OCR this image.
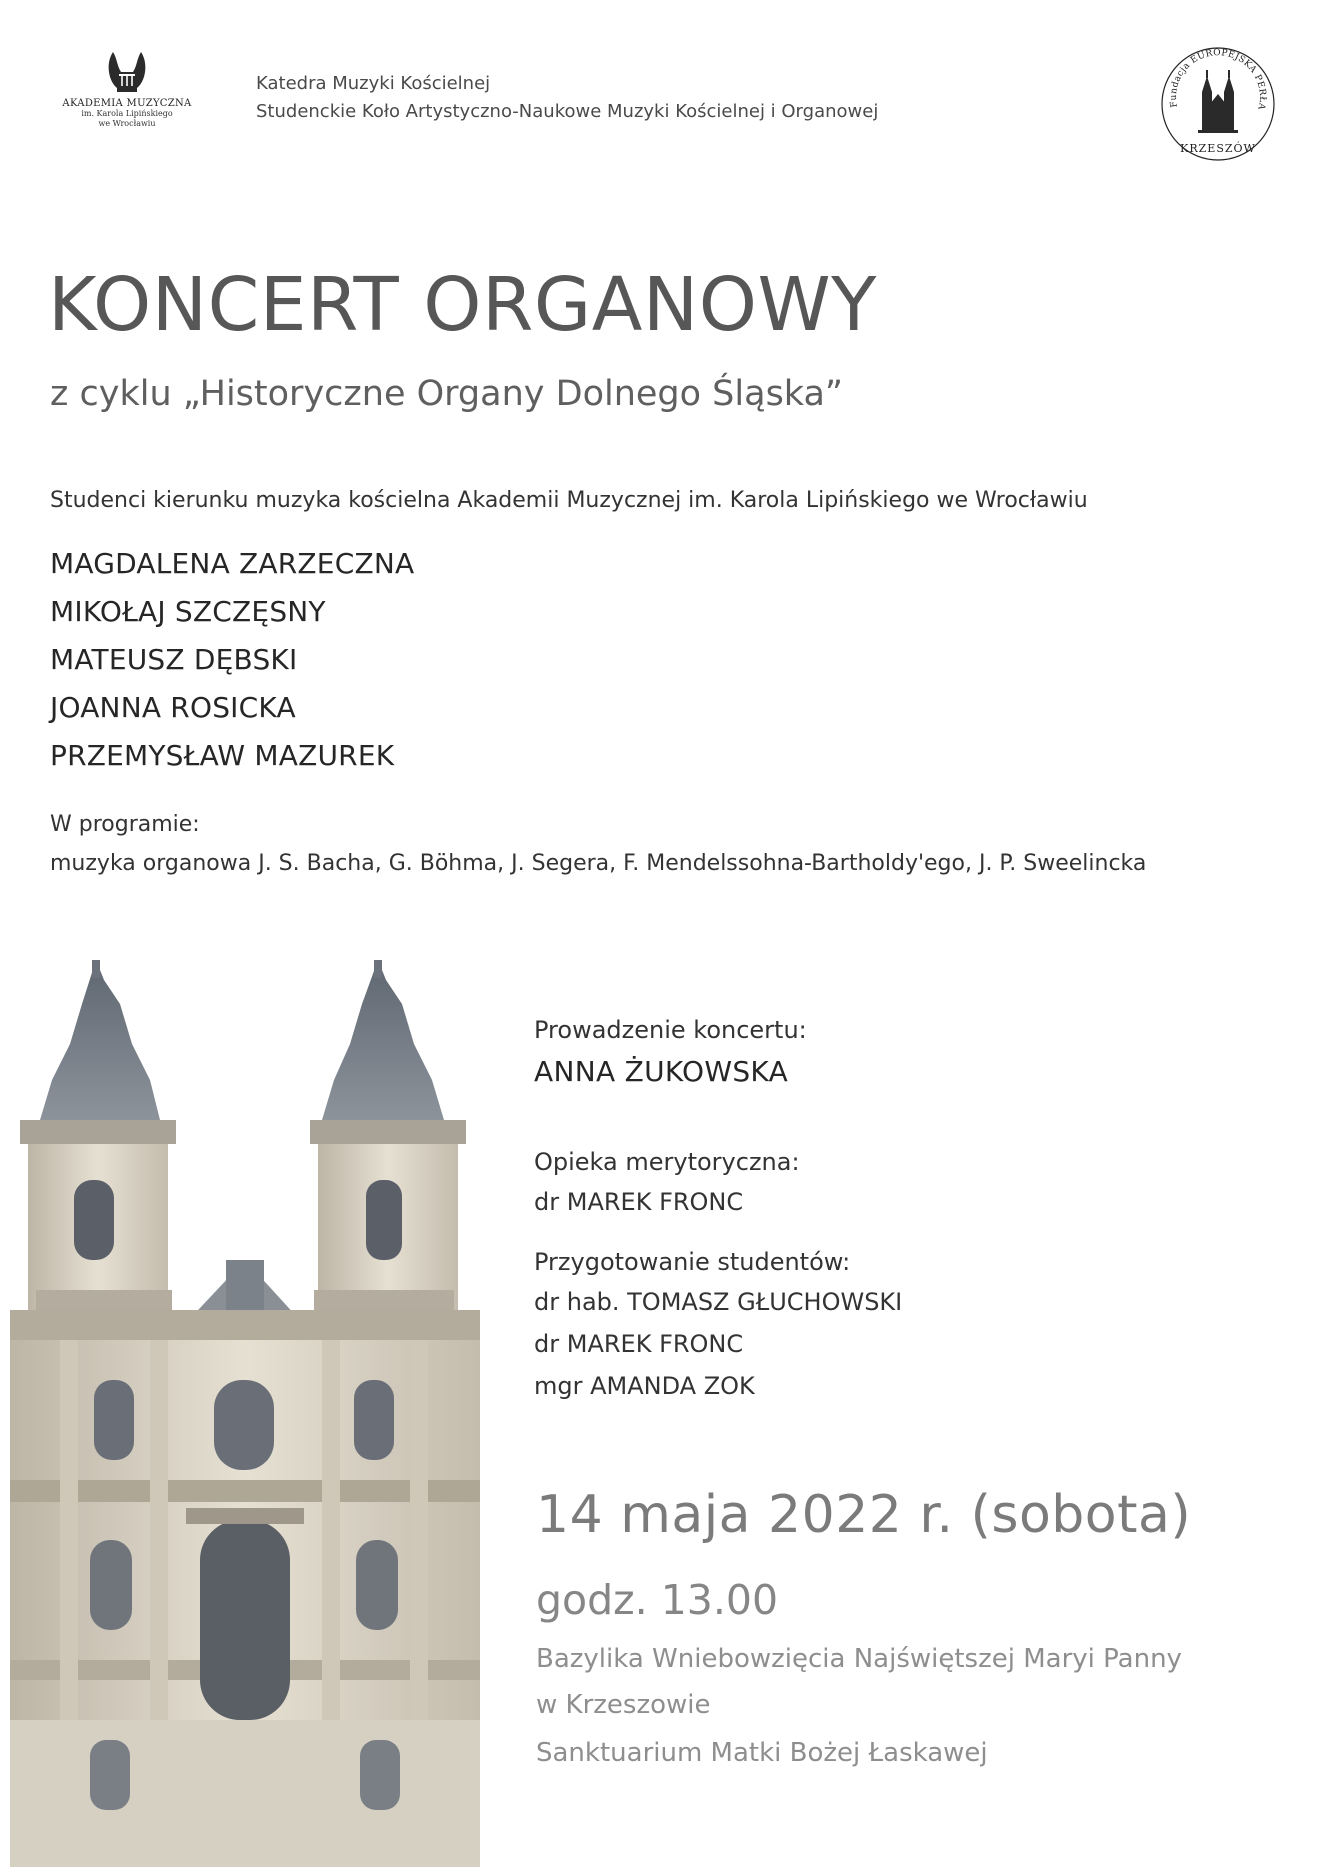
AKADEMIA MUZYCZNA
im. Karola Lipińskiego
we Wrocławiu
Katedra Muzyki Kościelnej
Studenckie Koło Artystyczno-Naukowe Muzyki Kościelnej i Organowej	Fundacja EUROPEJSKA PERŁA
KRZESZÓW
KONCERT ORGANOWY
z cyklu „Historyczne Organy Dolnego Śląska”
Studenci kierunku muzyka kościelna Akademii Muzycznej im. Karola Lipińskiego we Wrocławiu
MAGDALENA ZARZECZNA
MIKOŁAJ SZCZĘSNY
MATEUSZ DĘBSKI
JOANNA ROSICKA
PRZEMYSŁAW MAZUREK
W programie:
muzyka organowa J. S. Bacha, G. Böhma, J. Segera, F. Mendelssohna-Bartholdy'ego, J. P. Sweelincka
Prowadzenie koncertu:
ANNA ŻUKOWSKA
Opieka merytoryczna:
dr MAREK FRONC
Przygotowanie studentów:
dr hab. TOMASZ GŁUCHOWSKI
dr MAREK FRONC
mgr AMANDA ZOK
14 maja 2022 r. (sobota)
godz. 13.00
Bazylika Wniebowzięcia Najświętszej Maryi Panny
w Krzeszowie
Sanktuarium Matki Bożej Łaskawej
